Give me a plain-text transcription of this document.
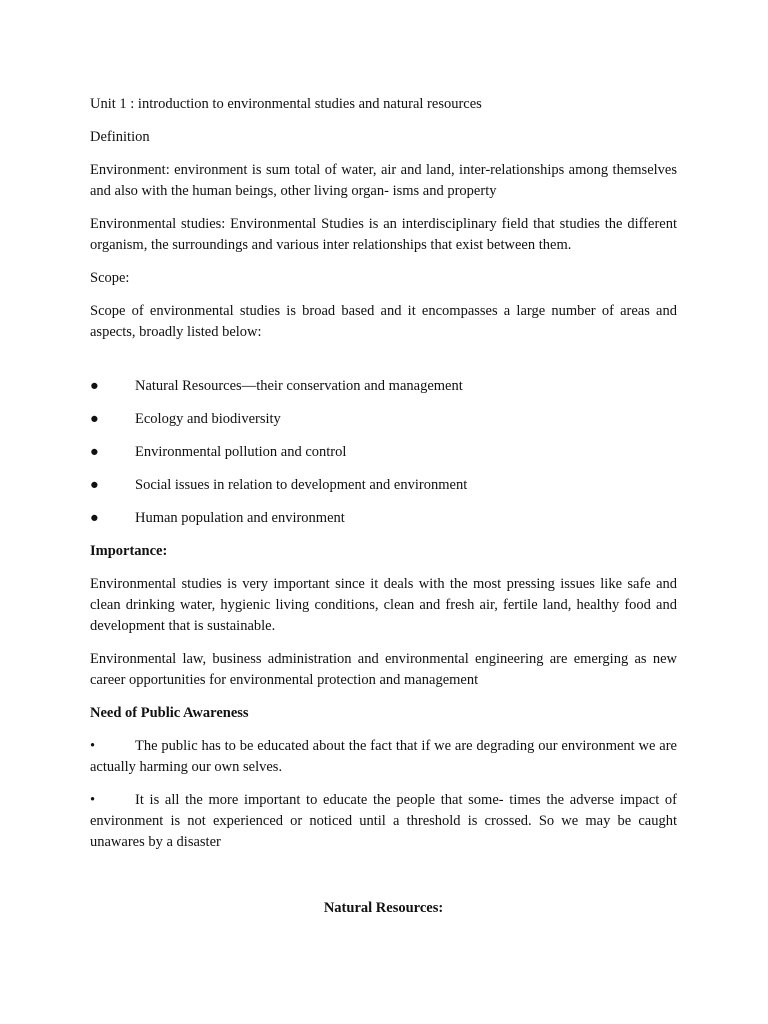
Unit 1 : introduction to environmental studies and natural resources

Definition

Environment: environment is sum total of water, air and land, inter-relationships among themselves and also with the human beings, other living organ- isms and property

Environmental studies: Environmental Studies is an interdisciplinary field that studies the different organism, the surroundings and various inter relationships that exist between them.

Scope:

Scope of environmental studies is broad based and it encompasses a large number of areas and aspects, broadly listed below:

●	Natural Resources—their conservation and management
●	Ecology and biodiversity
●	Environmental pollution and control
●	Social issues in relation to development and environment
●	Human population and environment

Importance:

Environmental studies is very important since it deals with the most pressing issues like safe and clean drinking water, hygienic living conditions, clean and fresh air, fertile land, healthy food and development that is sustainable.

Environmental law, business administration and environmental engineering are emerging as new career opportunities for environmental protection and management

Need of Public Awareness

•	The public has to be educated about the fact that if we are degrading our environment we are actually harming our own selves.

•	It is all the more important to educate the people that some- times the adverse impact of environment is not experienced or noticed until a threshold is crossed. So we may be caught unawares by a disaster

Natural Resources:
